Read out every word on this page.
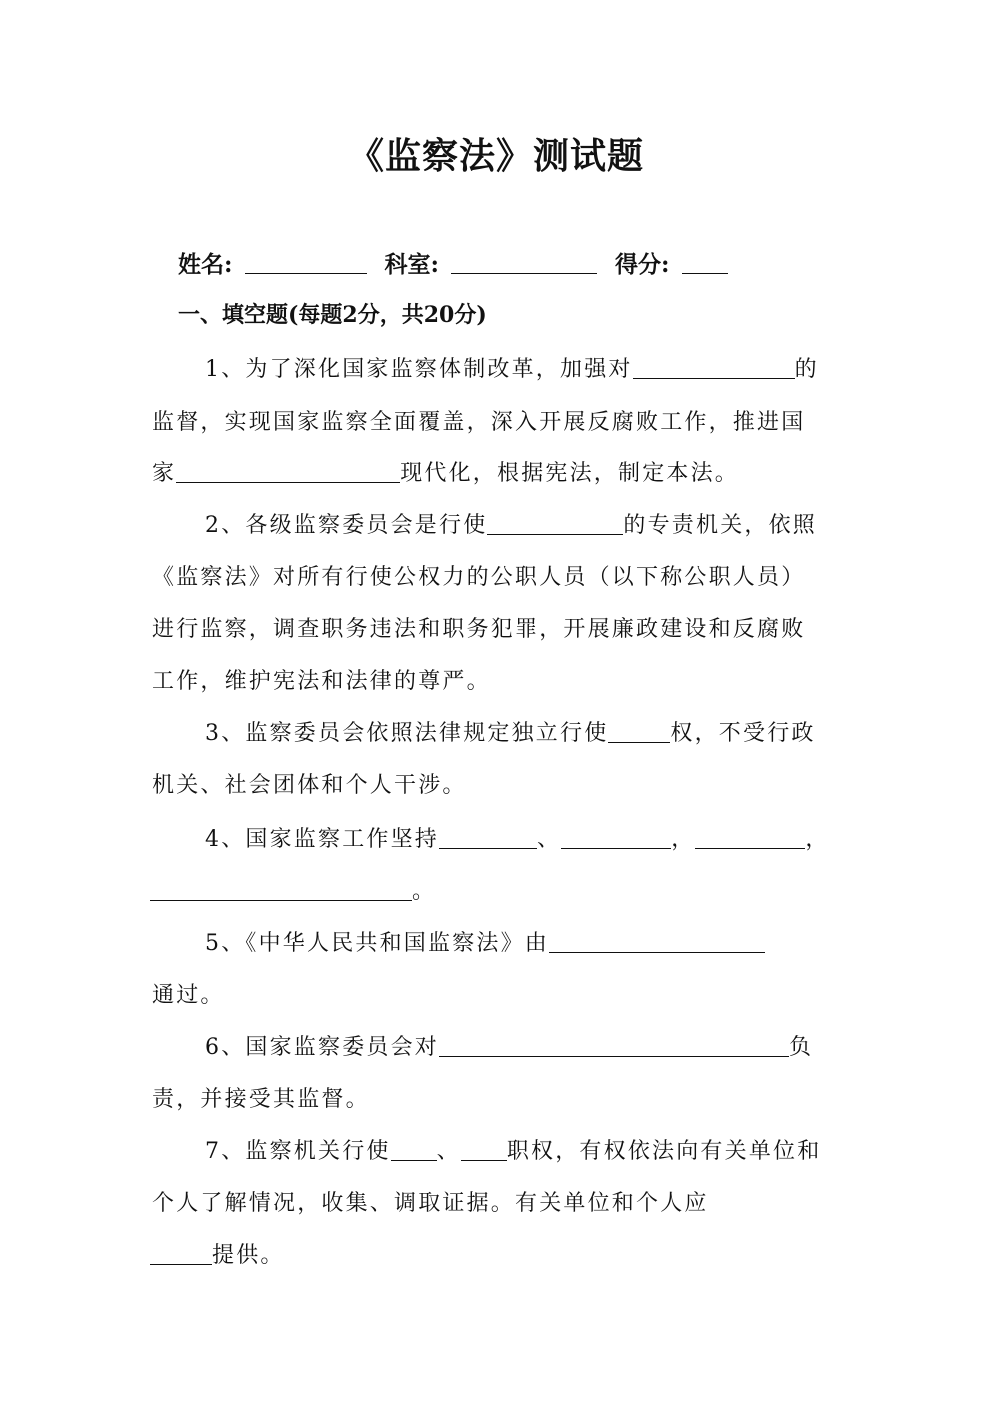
《监察法》测试题
姓名:	科室:	得分:
一、填空题(每题2分，共20分)
1、为了深化国家监察体制改革，加强对	的
监督，实现国家监察全面覆盖，深入开展反腐败工作，推进国
家	现代化，根据宪法，制定本法。
2、各级监察委员会是行使	的专责机关，依照
《监察法》对所有行使公权力的公职人员（以下称公职人员）
进行监察，调查职务违法和职务犯罪，开展廉政建设和反腐败
工作，维护宪法和法律的尊严。
3、监察委员会依照法律规定独立行使	权，不受行政
机关、社会团体和个人干涉。
4、国家监察工作坚持	、	，	，
。
5、《中华人民共和国监察法》由
通过。
6、国家监察委员会对	负
责，并接受其监督。
7、监察机关行使 、 职权，有权依法向有关单位和
个人了解情况，收集、调取证据。有关单位和个人应
提供。
